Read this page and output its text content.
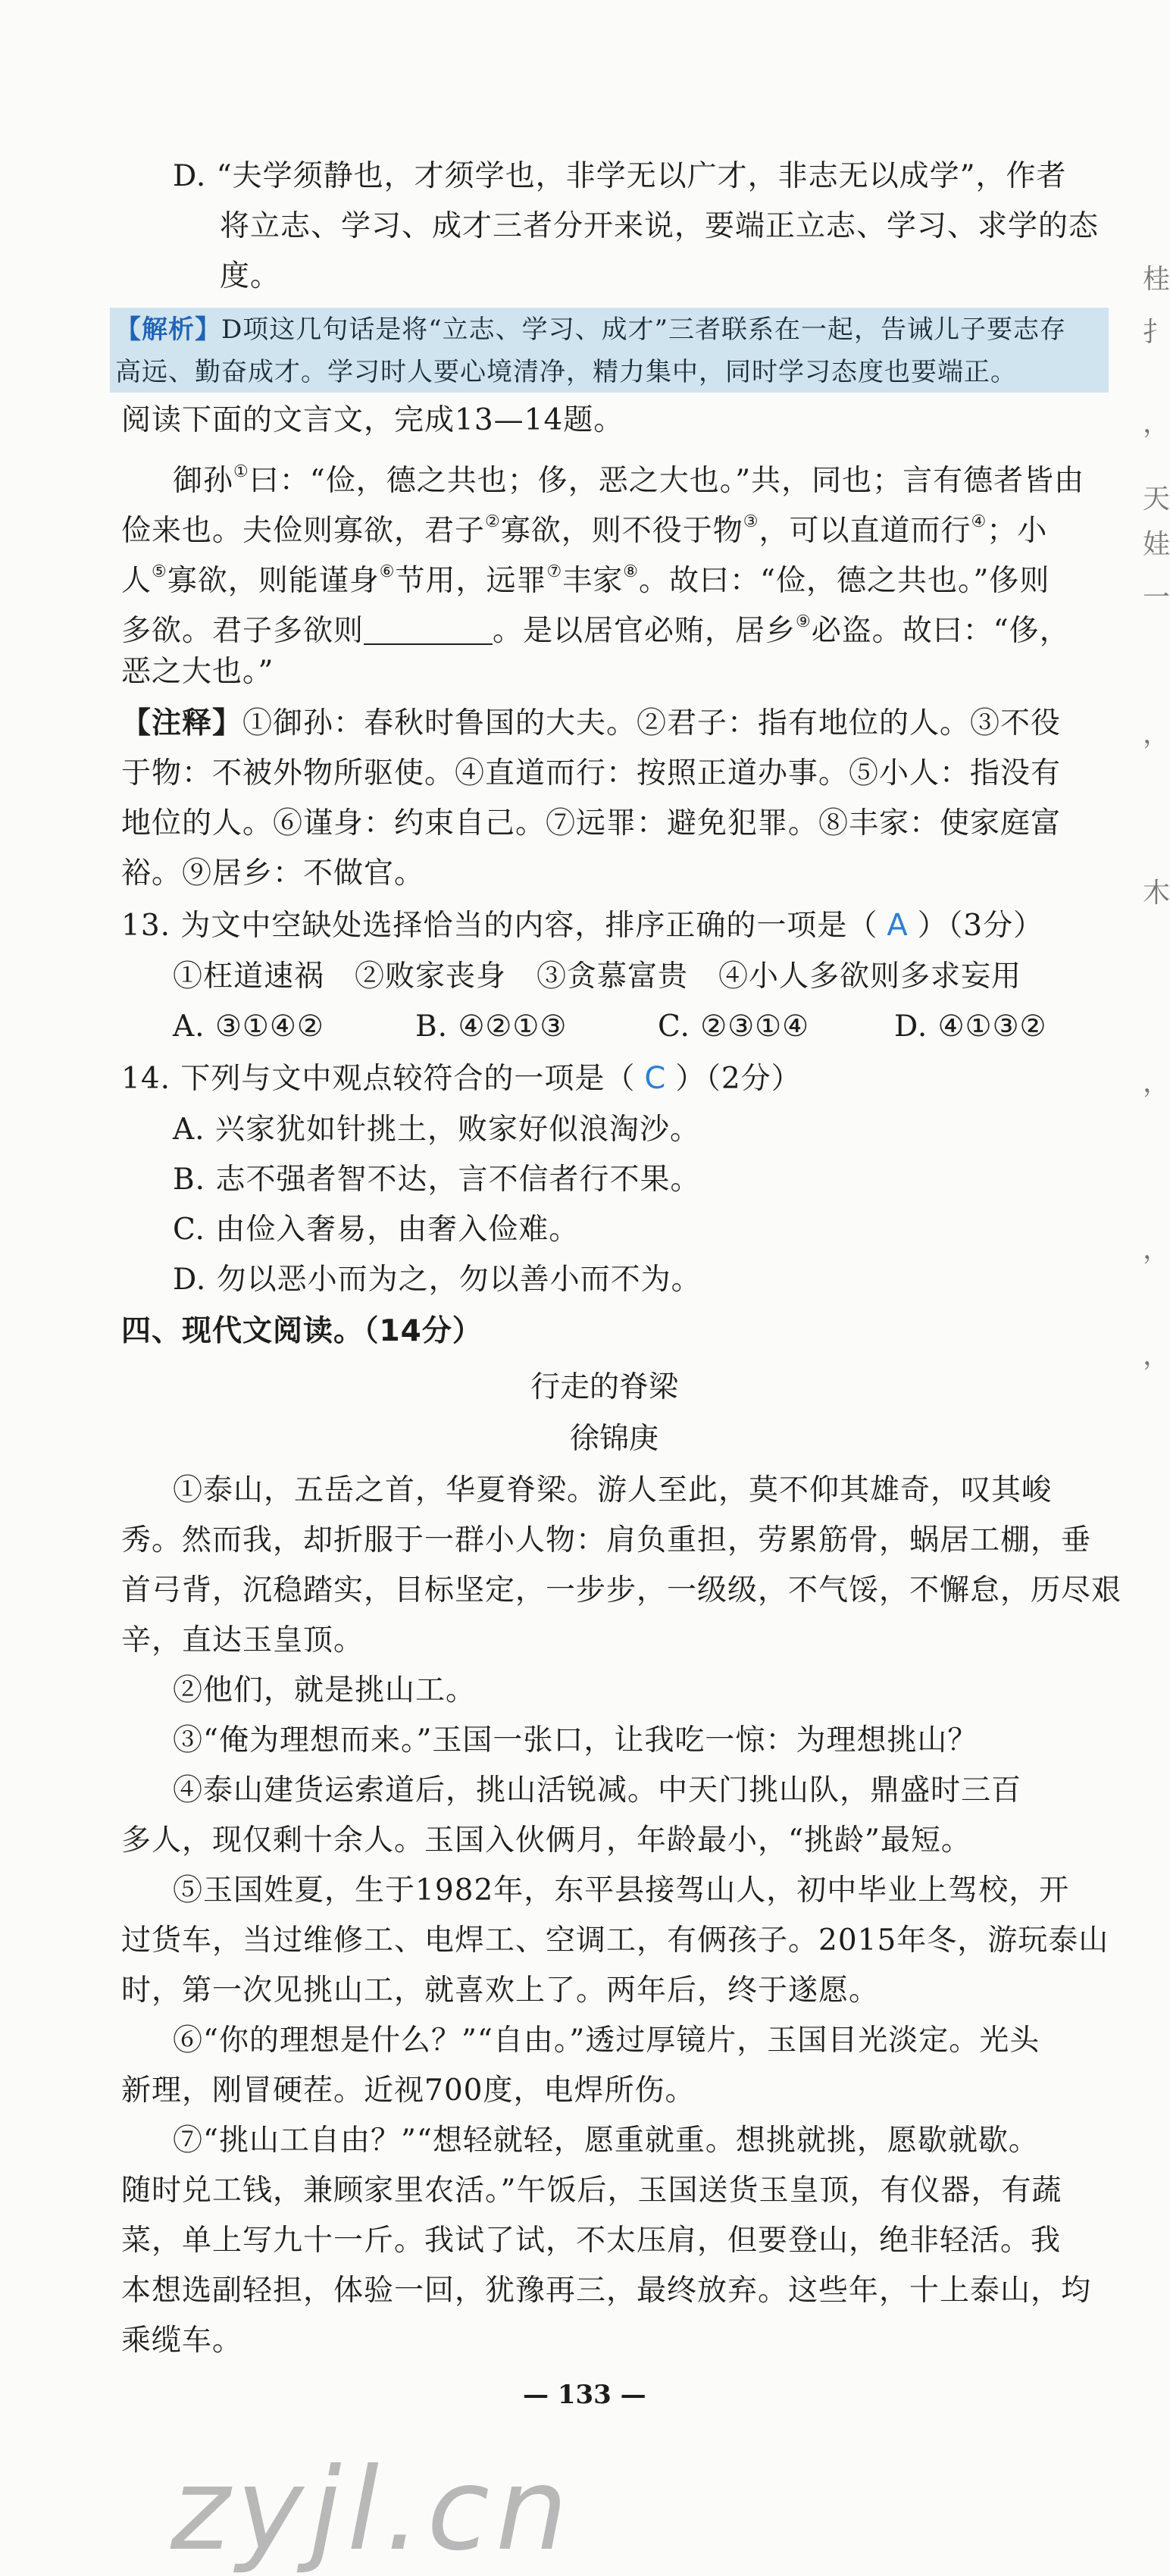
D. “夫学须静也，才须学也，非学无以广才，非志无以成学”，作者
将立志、学习、成才三者分开来说，要端正立志、学习、求学的态
度。
【解析】D项这几句话是将“立志、学习、成才”三者联系在一起，告诫儿子要志存
高远、勤奋成才。学习时人要心境清净，精力集中，同时学习态度也要端正。
阅读下面的文言文，完成13—14题。
御孙①曰：“俭，德之共也；侈，恶之大也。”共，同也；言有德者皆由
俭来也。夫俭则寡欲，君子②寡欲，则不役于物③，可以直道而行④；小
人⑤寡欲，则能谨身⑥节用，远罪⑦丰家⑧。故曰：“俭，德之共也。”侈则
多欲。君子多欲则	。是以居官必贿，居乡⑨必盗。故曰：“侈，
恶之大也。”
【注释】①御孙：春秋时鲁国的大夫。②君子：指有地位的人。③不役
于物：不被外物所驱使。④直道而行：按照正道办事。⑤小人：指没有
地位的人。⑥谨身：约束自己。⑦远罪：避免犯罪。⑧丰家：使家庭富
裕。⑨居乡：不做官。
13. 为文中空缺处选择恰当的内容，排序正确的一项是（ A ）（3分）
①枉道速祸　②败家丧身　③贪慕富贵　④小人多欲则多求妄用
A. ③①④②	B. ④②①③	C. ②③①④	D. ④①③②
14. 下列与文中观点较符合的一项是（ C ）（2分）
A. 兴家犹如针挑土，败家好似浪淘沙。
B. 志不强者智不达，言不信者行不果。
C. 由俭入奢易，由奢入俭难。
D. 勿以恶小而为之，勿以善小而不为。
四、现代文阅读。（14分）
行走的脊梁
徐锦庚
①泰山，五岳之首，华夏脊梁。游人至此，莫不仰其雄奇，叹其峻
秀。然而我，却折服于一群小人物：肩负重担，劳累筋骨，蜗居工棚，垂
首弓背，沉稳踏实，目标坚定，一步步，一级级，不气馁，不懈怠，历尽艰
辛，直达玉皇顶。
②他们，就是挑山工。
③“俺为理想而来。”玉国一张口，让我吃一惊：为理想挑山？
④泰山建货运索道后，挑山活锐减。中天门挑山队，鼎盛时三百
多人，现仅剩十余人。玉国入伙俩月，年龄最小，“挑龄”最短。
⑤玉国姓夏，生于1982年，东平县接驾山人，初中毕业上驾校，开
过货车，当过维修工、电焊工、空调工，有俩孩子。2015年冬，游玩泰山
时，第一次见挑山工，就喜欢上了。两年后，终于遂愿。
⑥“你的理想是什么？”“自由。”透过厚镜片，玉国目光淡定。光头
新理，刚冒硬茬。近视700度，电焊所伤。
⑦“挑山工自由？”“想轻就轻，愿重就重。想挑就挑，愿歇就歇。
随时兑工钱，兼顾家里农活。”午饭后，玉国送货玉皇顶，有仪器，有蔬
菜，单上写九十一斤。我试了试，不太压肩，但要登山，绝非轻活。我
本想选副轻担，体验一回，犹豫再三，最终放弃。这些年，十上泰山，均
乘缆车。
— 133 —
zyjl.cn
桂
扌
，
天
娃
一
，
木
，
，
，
